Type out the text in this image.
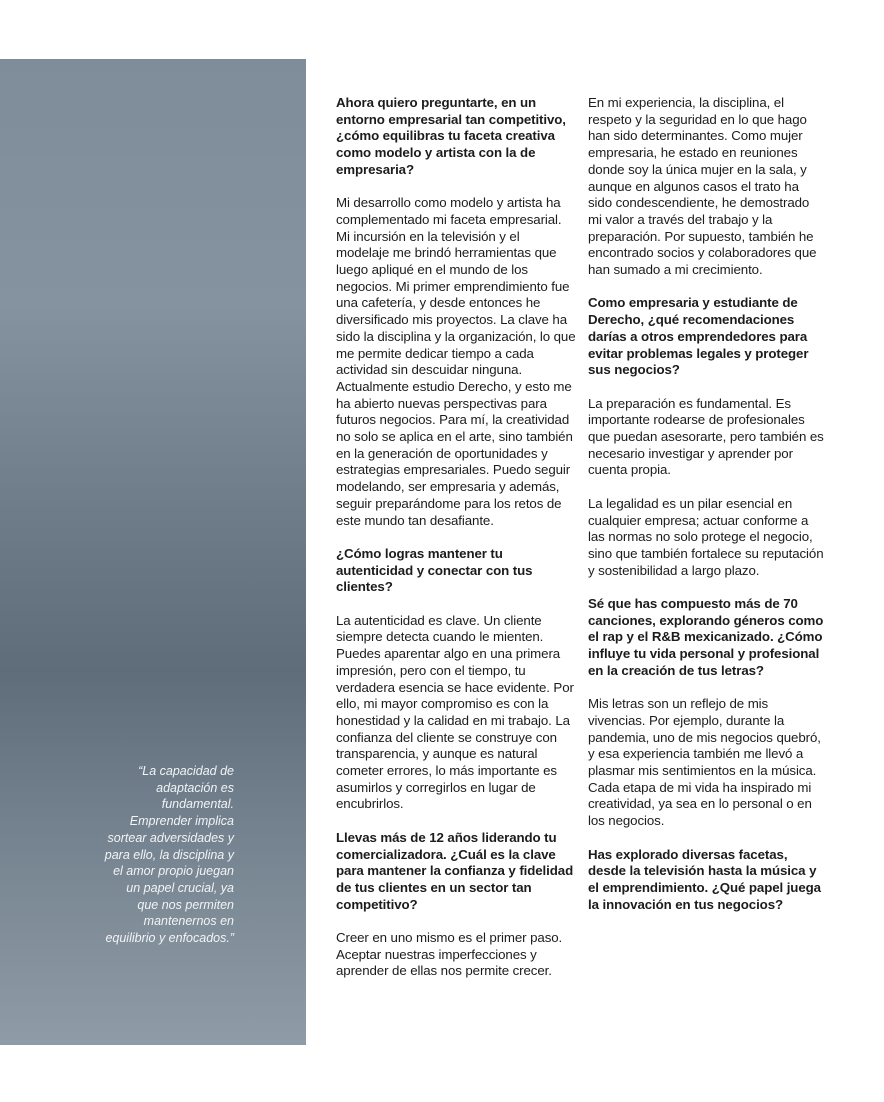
“La capacidad de adaptación es fundamental. Emprender implica sortear adversidades y para ello, la disciplina y el amor propio juegan un papel crucial, ya que nos permiten mantenernos en equilibrio y enfocados.”

Ahora quiero preguntarte, en un entorno empresarial tan competitivo, ¿cómo equilibras tu faceta creativa como modelo y artista con la de empresaria?

Mi desarrollo como modelo y artista ha complementado mi faceta empresarial. Mi incursión en la televisión y el modelaje me brindó herramientas que luego apliqué en el mundo de los negocios. Mi primer emprendimiento fue una cafetería, y desde entonces he diversificado mis proyectos. La clave ha sido la disciplina y la organización, lo que me permite dedicar tiempo a cada actividad sin descuidar ninguna. Actualmente estudio Derecho, y esto me ha abierto nuevas perspectivas para futuros negocios. Para mí, la creatividad no solo se aplica en el arte, sino también en la generación de oportunidades y estrategias empresariales. Puedo seguir modelando, ser empresaria y además, seguir preparándome para los retos de este mundo tan desafiante.

¿Cómo logras mantener tu autenticidad y conectar con tus clientes?

La autenticidad es clave. Un cliente siempre detecta cuando le mienten. Puedes aparentar algo en una primera impresión, pero con el tiempo, tu verdadera esencia se hace evidente. Por ello, mi mayor compromiso es con la honestidad y la calidad en mi trabajo. La confianza del cliente se construye con transparencia, y aunque es natural cometer errores, lo más importante es asumirlos y corregirlos en lugar de encubrirlos.

Llevas más de 12 años liderando tu comercializadora. ¿Cuál es la clave para mantener la confianza y fidelidad de tus clientes en un sector tan competitivo?

Creer en uno mismo es el primer paso. Aceptar nuestras imperfecciones y aprender de ellas nos permite crecer.

En mi experiencia, la disciplina, el respeto y la seguridad en lo que hago han sido determinantes. Como mujer empresaria, he estado en reuniones donde soy la única mujer en la sala, y aunque en algunos casos el trato ha sido condescendiente, he demostrado mi valor a través del trabajo y la preparación. Por supuesto, también he encontrado socios y colaboradores que han sumado a mi crecimiento.

Como empresaria y estudiante de Derecho, ¿qué recomendaciones darías a otros emprendedores para evitar problemas legales y proteger sus negocios?

La preparación es fundamental. Es importante rodearse de profesionales que puedan asesorarte, pero también es necesario investigar y aprender por cuenta propia.

La legalidad es un pilar esencial en cualquier empresa; actuar conforme a las normas no solo protege el negocio, sino que también fortalece su reputación y sostenibilidad a largo plazo.

Sé que has compuesto más de 70 canciones, explorando géneros como el rap y el R&B mexicanizado. ¿Cómo influye tu vida personal y profesional en la creación de tus letras?

Mis letras son un reflejo de mis vivencias. Por ejemplo, durante la pandemia, uno de mis negocios quebró, y esa experiencia también me llevó a plasmar mis sentimientos en la música. Cada etapa de mi vida ha inspirado mi creatividad, ya sea en lo personal o en los negocios.

Has explorado diversas facetas, desde la televisión hasta la música y el emprendimiento. ¿Qué papel juega la innovación en tus negocios?
